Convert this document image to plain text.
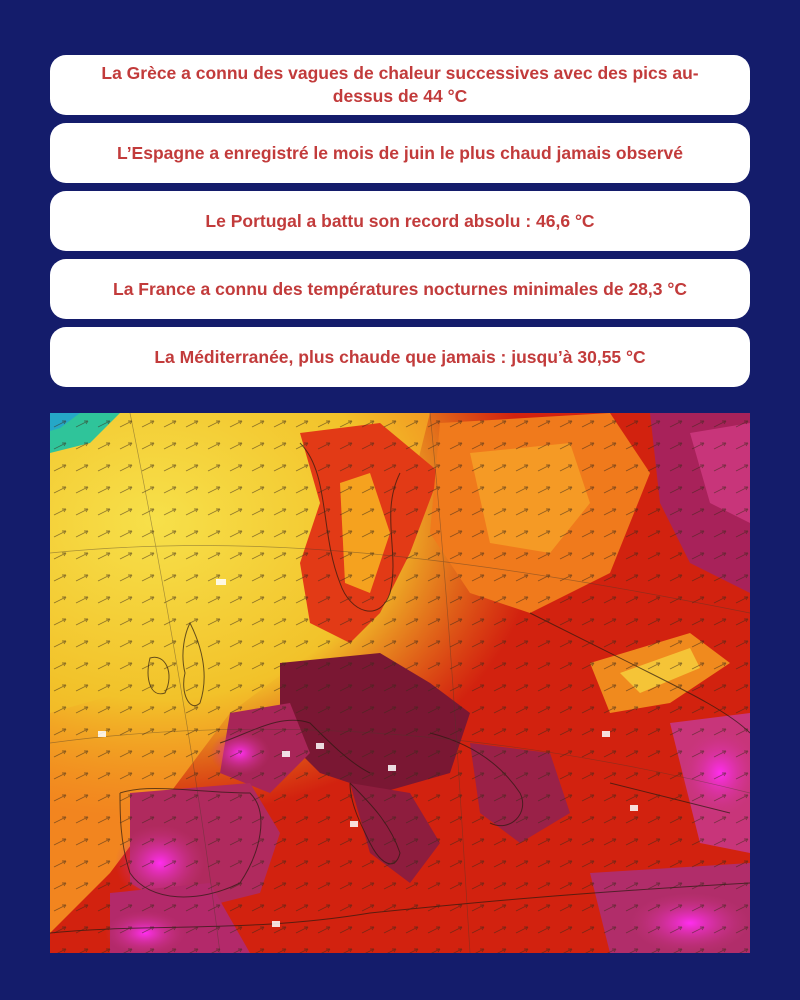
La Grèce a connu des vagues de chaleur successives avec des pics au-dessus de 44 °C
L’Espagne a enregistré le mois de juin le plus chaud jamais observé
Le Portugal a battu son record absolu : 46,6 °C
La France a connu des températures nocturnes minimales de 28,3 °C
La Méditerranée, plus chaude que jamais : jusqu’à 30,55 °C
